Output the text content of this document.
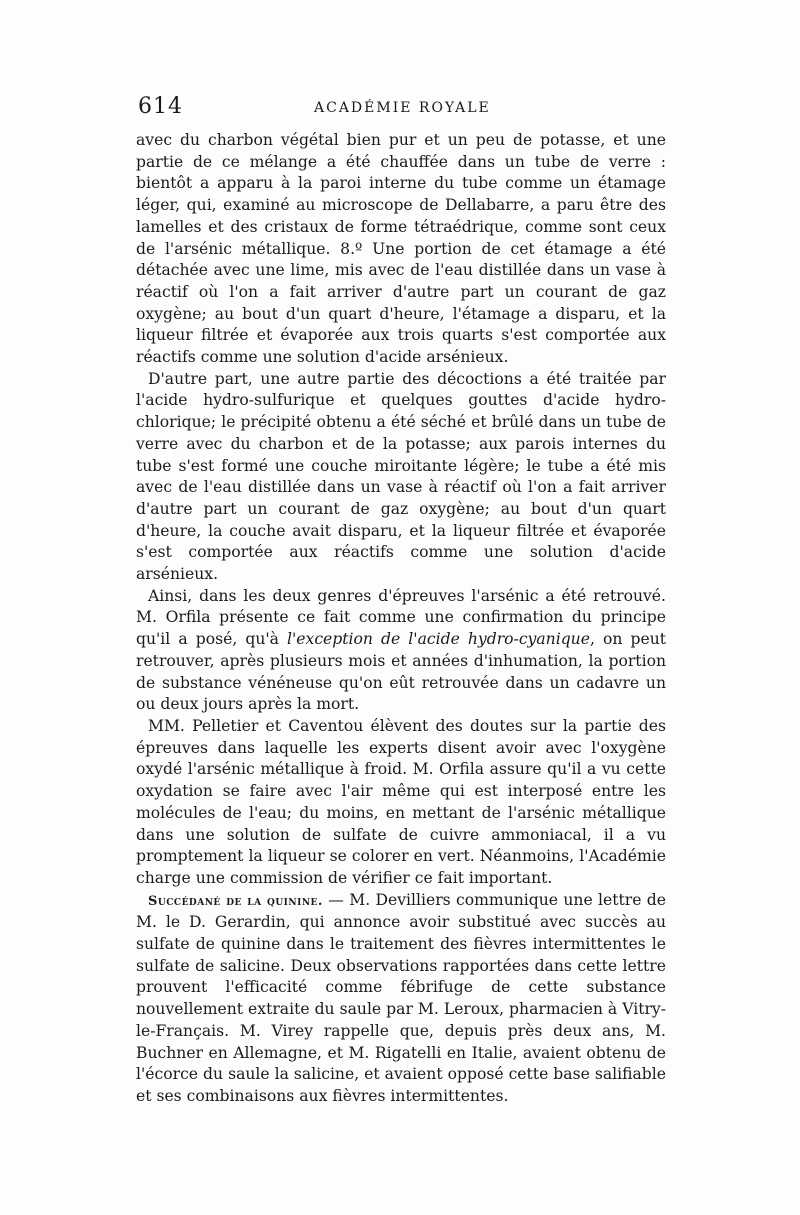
614	ACADÉMIE ROYALE

avec du charbon végétal bien pur et un peu de potasse, et une partie de ce mélange a été chauffée dans un tube de verre : bientôt a apparu à la paroi interne du tube comme un étamage léger, qui, examiné au microscope de Dellabarre, a paru être des lamelles et des cristaux de forme tétraédrique, comme sont ceux de l'arsénic métallique. 8.º Une portion de cet étamage a été détachée avec une lime, mis avec de l'eau distillée dans un vase à réactif où l'on a fait arriver d'autre part un courant de gaz oxygène; au bout d'un quart d'heure, l'étamage a disparu, et la liqueur filtrée et évaporée aux trois quarts s'est comportée aux réactifs comme une solution d'acide arsénieux.

D'autre part, une autre partie des décoctions a été traitée par l'acide hydro-sulfurique et quelques gouttes d'acide hydro-chlorique; le précipité obtenu a été séché et brûlé dans un tube de verre avec du charbon et de la potasse; aux parois internes du tube s'est formé une couche miroitante légère; le tube a été mis avec de l'eau distillée dans un vase à réactif où l'on a fait arriver d'autre part un courant de gaz oxygène; au bout d'un quart d'heure, la couche avait disparu, et la liqueur filtrée et évaporée s'est comportée aux réactifs comme une solution d'acide arsénieux.

Ainsi, dans les deux genres d'épreuves l'arsénic a été retrouvé. M. Orfila présente ce fait comme une confirmation du principe qu'il a posé, qu'à l'exception de l'acide hydro-cyanique, on peut retrouver, après plusieurs mois et années d'inhumation, la portion de substance vénéneuse qu'on eût retrouvée dans un cadavre un ou deux jours après la mort.

MM. Pelletier et Caventou élèvent des doutes sur la partie des épreuves dans laquelle les experts disent avoir avec l'oxygène oxydé l'arsénic métallique à froid. M. Orfila assure qu'il a vu cette oxydation se faire avec l'air même qui est interposé entre les molécules de l'eau; du moins, en mettant de l'arsénic métallique dans une solution de sulfate de cuivre ammoniacal, il a vu promptement la liqueur se colorer en vert. Néanmoins, l'Académie charge une commission de vérifier ce fait important.

Succédané de la quinine. — M. Devilliers communique une lettre de M. le D. Gerardin, qui annonce avoir substitué avec succès au sulfate de quinine dans le traitement des fièvres intermittentes le sulfate de salicine. Deux observations rapportées dans cette lettre prouvent l'efficacité comme fébrifuge de cette substance nouvellement extraite du saule par M. Leroux, pharmacien à Vitry-le-Français. M. Virey rappelle que, depuis près deux ans, M. Buchner en Allemagne, et M. Rigatelli en Italie, avaient obtenu de l'écorce du saule la salicine, et avaient opposé cette base salifiable et ses combinaisons aux fièvres intermittentes.
